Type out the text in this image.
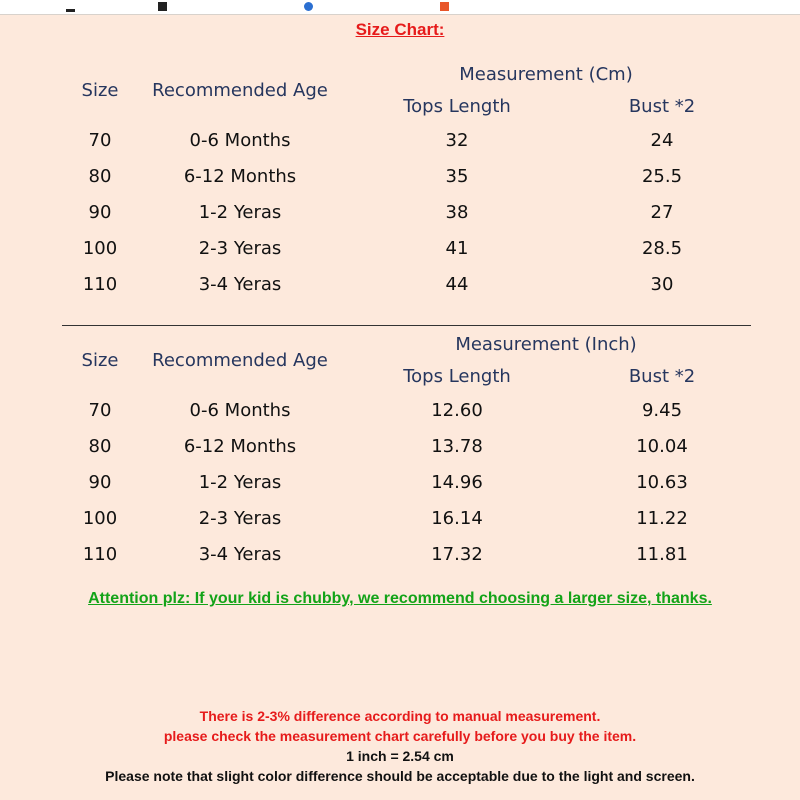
Size Chart:
Size Recommended Age
Measurement (Cm)
Tops Length	Bust *2
70	0-6 Months	32	24
80	6-12 Months	35	25.5
90	1-2 Yeras	38	27
100	2-3 Yeras	41	28.5
110	3-4 Yeras	44	30
Size Recommended Age
Measurement (Inch)
Tops Length	Bust *2
70	0-6 Months	12.60	9.45
80	6-12 Months	13.78	10.04
90	1-2 Yeras	14.96	10.63
100	2-3 Yeras	16.14	11.22
110	3-4 Yeras	17.32	11.81
Attention plz: If your kid is chubby, we recommend choosing a larger size, thanks.
There is 2-3% difference according to manual measurement.
please check the measurement chart carefully before you buy the item.
1 inch = 2.54 cm
Please note that slight color difference should be acceptable due to the light and screen.
